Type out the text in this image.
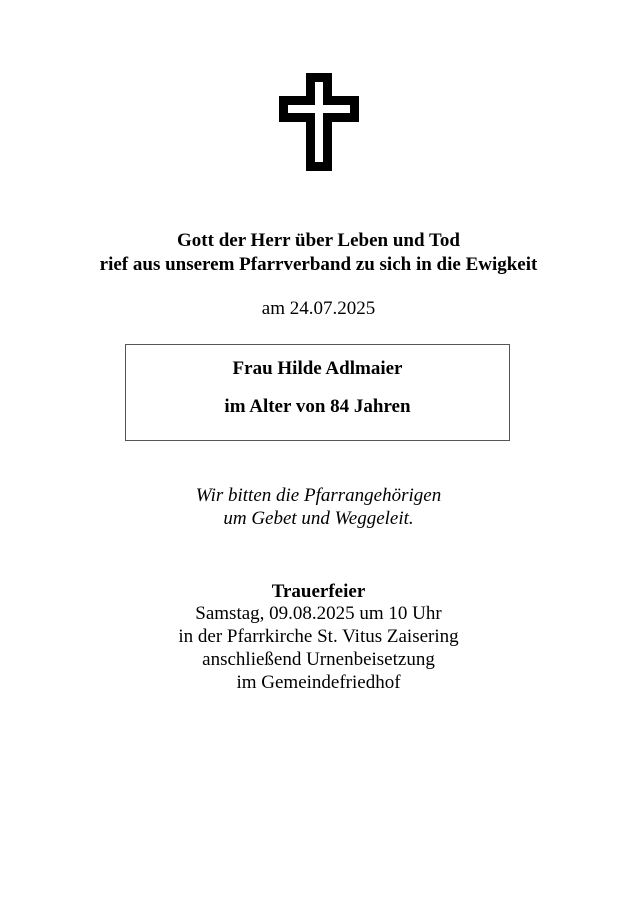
Gott der Herr über Leben und Tod
rief aus unserem Pfarrverband zu sich in die Ewigkeit
am 24.07.2025
Frau Hilde Adlmaier
im Alter von 84 Jahren
Wir bitten die Pfarrangehörigen
um Gebet und Weggeleit.
Trauerfeier
Samstag, 09.08.2025 um 10 Uhr
in der Pfarrkirche St. Vitus Zaisering
anschließend Urnenbeisetzung
im Gemeindefriedhof
